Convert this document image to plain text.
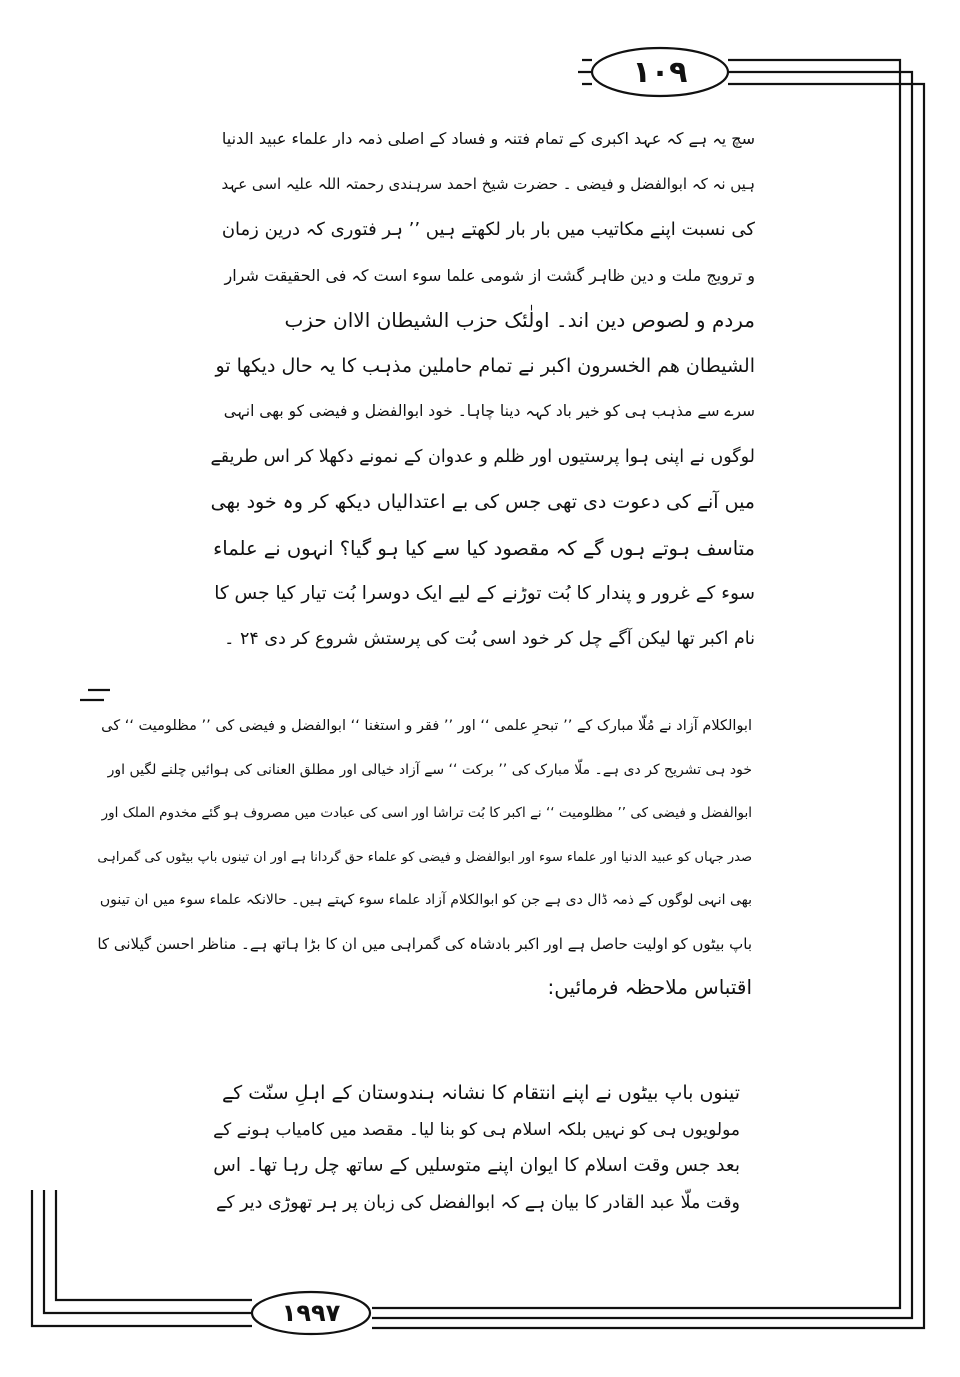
١٠٩
١٩٩٧
سچ یہ ہے کہ عہد اکبری کے تمام فتنہ و فساد کے اصلی ذمہ دار علماء عبید الدنیا
ہیں نہ کہ ابوالفضل و فیضی ۔ حضرت شیخ احمد سرہندی رحمتہ اللہ علیہ اسی عہد
کی نسبت اپنے مکاتیب میں بار بار لکھتے ہیں ’’ ہر فتوری کہ درین زمان
و ترویج ملت و دین ظاہر گشت از شومی علما سوء است کہ فی الحقیقت شرار
مردم و لصوص دین اند۔ اولٰئک حزب الشیطان الاان حزب
الشیطان ھم الخسرون اکبر نے تمام حاملین مذہب کا یہ حال دیکھا تو
سرے سے مذہب ہی کو خیر باد کہہ دینا چاہا۔ خود ابوالفضل و فیضی کو بھی انہی
لوگوں نے اپنی ہوا پرستیوں اور ظلم و عدوان کے نمونے دکھلا کر اس طریقے
میں آنے کی دعوت دی تھی جس کی بے اعتدالیاں دیکھ کر وہ خود بھی
متاسف ہوتے ہوں گے کہ مقصود کیا سے کیا ہو گیا؟ انہوں نے علماء
سوء کے غرور و پندار کا بُت توڑنے کے لیے ایک دوسرا بُت تیار کیا جس کا
نام اکبر تھا لیکن آگے چل کر خود اسی بُت کی پرستش شروع کر دی ۲۴ ۔
ابوالکلام آزاد نے مُلّا مبارک کے ’’ تبحرِ علمی ‘‘ اور ’’ فقر و استغنا ‘‘ ابوالفضل و فیضی کی ’’ مظلومیت ‘‘ کی
خود ہی تشریح کر دی ہے۔ ملّا مبارک کی ’’ برکت ‘‘ سے آزاد خیالی اور مطلق العنانی کی ہوائیں چلنے لگیں اور
ابوالفضل و فیضی کی ’’ مظلومیت ‘‘ نے اکبر کا بُت تراشا اور اسی کی عبادت میں مصروف ہو گئے مخدوم الملک اور
صدر جہاں کو عبید الدنیا اور علماء سوء اور ابوالفضل و فیضی کو علماء حق گردانا ہے اور ان تینوں باپ بیٹوں کی گمراہی
بھی انہی لوگوں کے ذمہ ڈال دی ہے جن کو ابوالکلام آزاد علماء سوء کہتے ہیں۔ حالانکہ علماء سوء میں ان تینوں
باپ بیٹوں کو اولیت حاصل ہے اور اکبر بادشاہ کی گمراہی میں ان کا بڑا ہاتھ ہے۔ مناظر احسن گیلانی کا
اقتباس ملاحظہ فرمائیں:
تینوں باپ بیٹوں نے اپنے انتقام کا نشانہ ہندوستان کے اہلِ سنّت کے
مولویوں ہی کو نہیں بلکہ اسلام ہی کو بنا لیا۔ مقصد میں کامیاب ہونے کے
بعد جس وقت اسلام کا ایوان اپنے متوسلیں کے ساتھ چل رہا تھا۔ اس
وقت ملّا عبد القادر کا بیان ہے کہ ابوالفضل کی زبان پر ہر تھوڑی دیر کے
